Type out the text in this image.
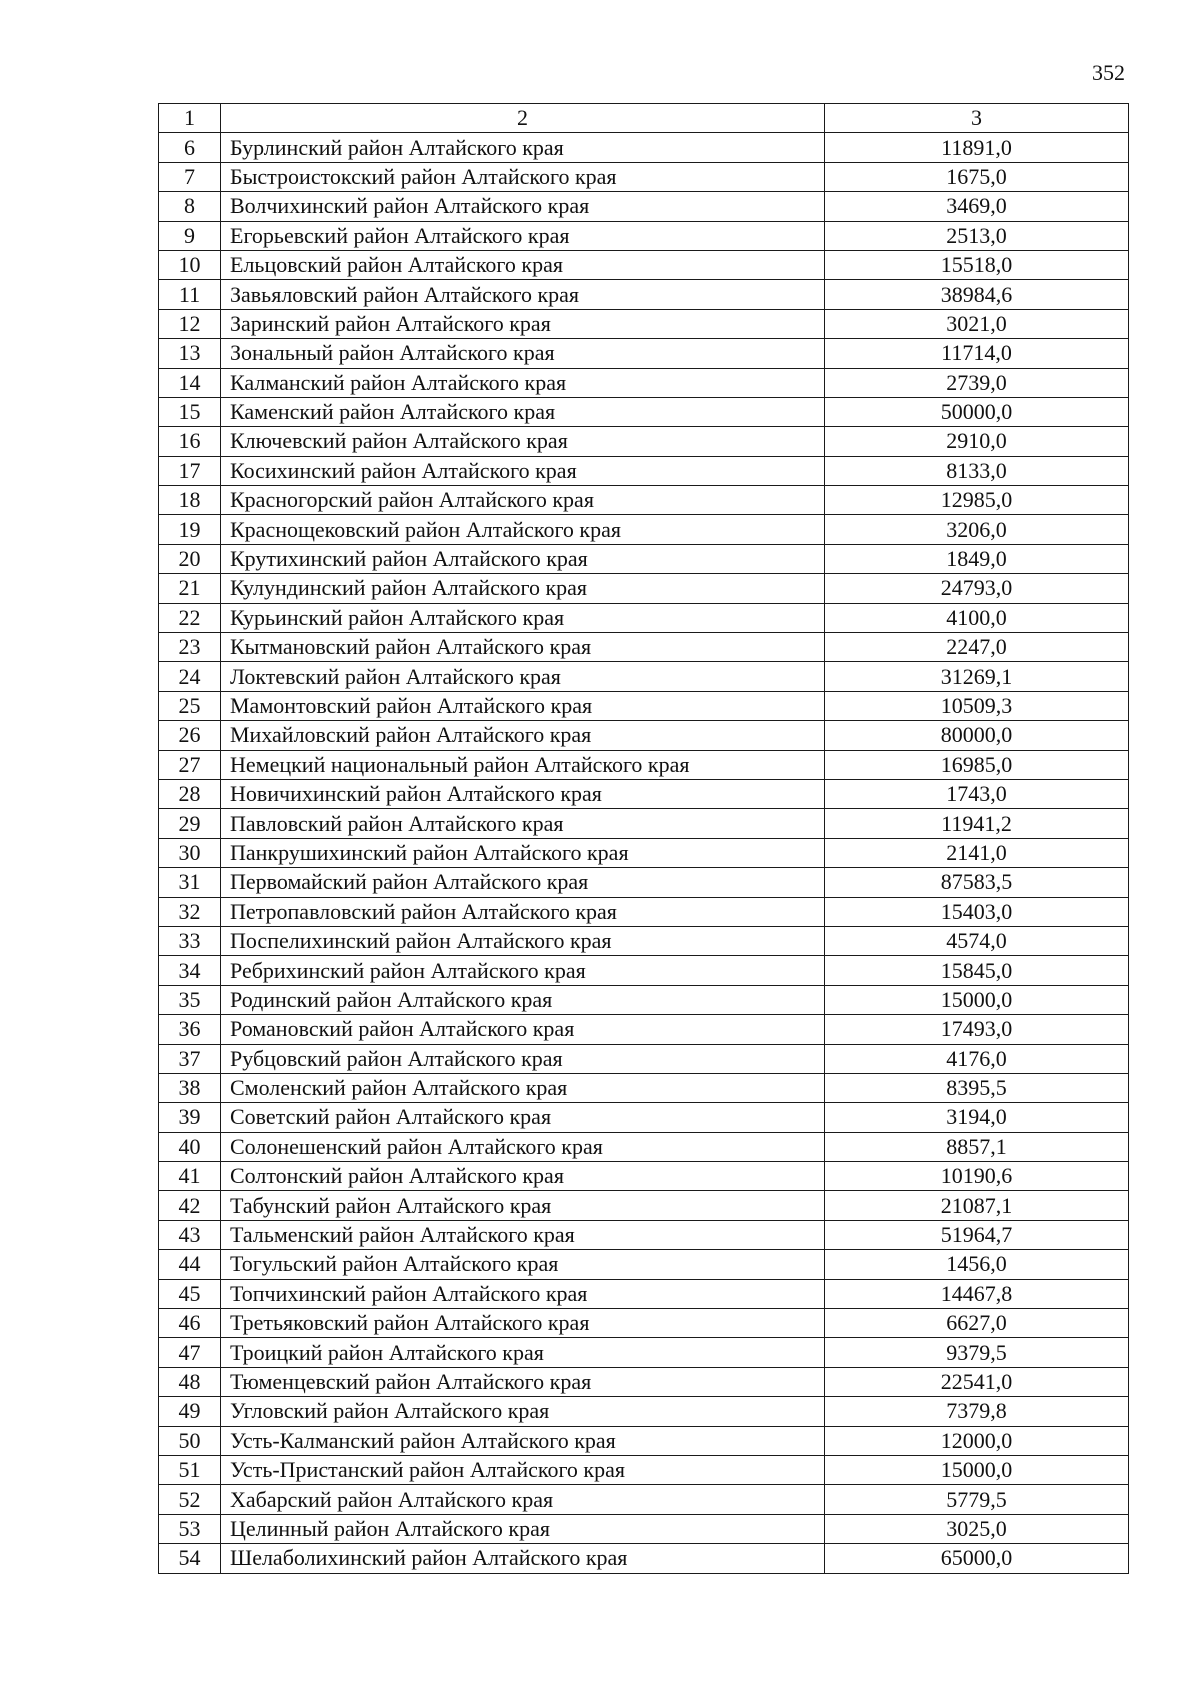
352
1	2	3
6	Бурлинский район Алтайского края	11891,0
7	Быстроистокский район Алтайского края	1675,0
8	Волчихинский район Алтайского края	3469,0
9	Егорьевский район Алтайского края	2513,0
10	Ельцовский район Алтайского края	15518,0
11	Завьяловский район Алтайского края	38984,6
12	Заринский район Алтайского края	3021,0
13	Зональный район Алтайского края	11714,0
14	Калманский район Алтайского края	2739,0
15	Каменский район Алтайского края	50000,0
16	Ключевский район Алтайского края	2910,0
17	Косихинский район Алтайского края	8133,0
18	Красногорский район Алтайского края	12985,0
19	Краснощековский район Алтайского края	3206,0
20	Крутихинский район Алтайского края	1849,0
21	Кулундинский район Алтайского края	24793,0
22	Курьинский район Алтайского края	4100,0
23	Кытмановский район Алтайского края	2247,0
24	Локтевский район Алтайского края	31269,1
25	Мамонтовский район Алтайского края	10509,3
26	Михайловский район Алтайского края	80000,0
27	Немецкий национальный район Алтайского края	16985,0
28	Новичихинский район Алтайского края	1743,0
29	Павловский район Алтайского края	11941,2
30	Панкрушихинский район Алтайского края	2141,0
31	Первомайский район Алтайского края	87583,5
32	Петропавловский район Алтайского края	15403,0
33	Поспелихинский район Алтайского края	4574,0
34	Ребрихинский район Алтайского края	15845,0
35	Родинский район Алтайского края	15000,0
36	Романовский район Алтайского края	17493,0
37	Рубцовский район Алтайского края	4176,0
38	Смоленский район Алтайского края	8395,5
39	Советский район Алтайского края	3194,0
40	Солонешенский район Алтайского края	8857,1
41	Солтонский район Алтайского края	10190,6
42	Табунский район Алтайского края	21087,1
43	Тальменский район Алтайского края	51964,7
44	Тогульский район Алтайского края	1456,0
45	Топчихинский район Алтайского края	14467,8
46	Третьяковский район Алтайского края	6627,0
47	Троицкий район Алтайского края	9379,5
48	Тюменцевский район Алтайского края	22541,0
49	Угловский район Алтайского края	7379,8
50	Усть-Калманский район Алтайского края	12000,0
51	Усть-Пристанский район Алтайского края	15000,0
52	Хабарский район Алтайского края	5779,5
53	Целинный район Алтайского края	3025,0
54	Шелаболихинский район Алтайского края	65000,0
